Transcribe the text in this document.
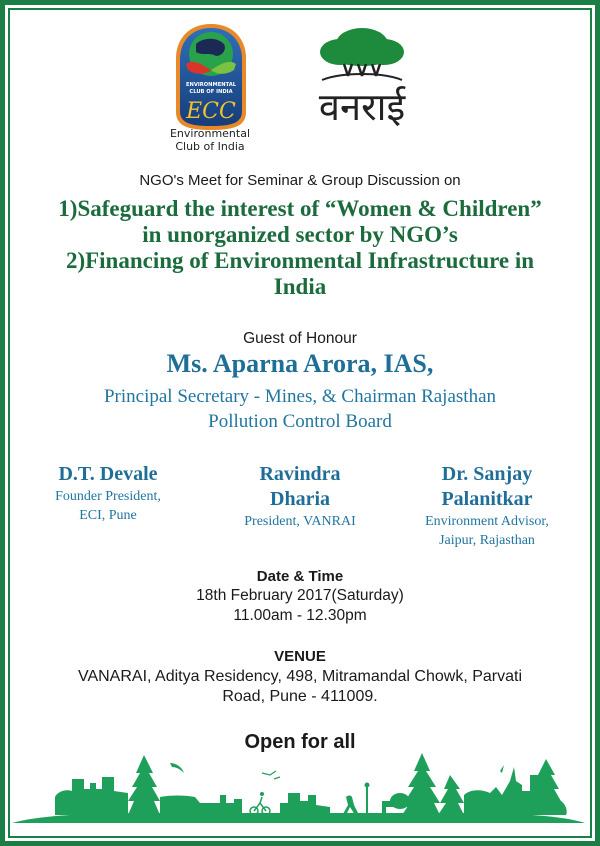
ENVIRONMENTAL
CLUB OF INDIA
ECC
Environmental
Club of India
वनराई
NGO's Meet for Seminar & Group Discussion on
1)Safeguard the interest of “Women & Children”
in unorganized sector by NGO’s
2)Financing of Environmental Infrastructure in
India
Guest of Honour
Ms. Aparna Arora, IAS,
Principal Secretary - Mines, & Chairman Rajasthan
Pollution Control Board
D.T. Devale
Founder President,
ECI, Pune
Ravindra
Dharia
President, VANRAI
Dr. Sanjay
Palanitkar
Environment Advisor,
Jaipur, Rajasthan
Date & Time
18th February 2017(Saturday)
11.00am - 12.30pm
VENUE
VANARAI, Aditya Residency, 498, Mitramandal Chowk, Parvati
Road, Pune - 411009.
Open for all
